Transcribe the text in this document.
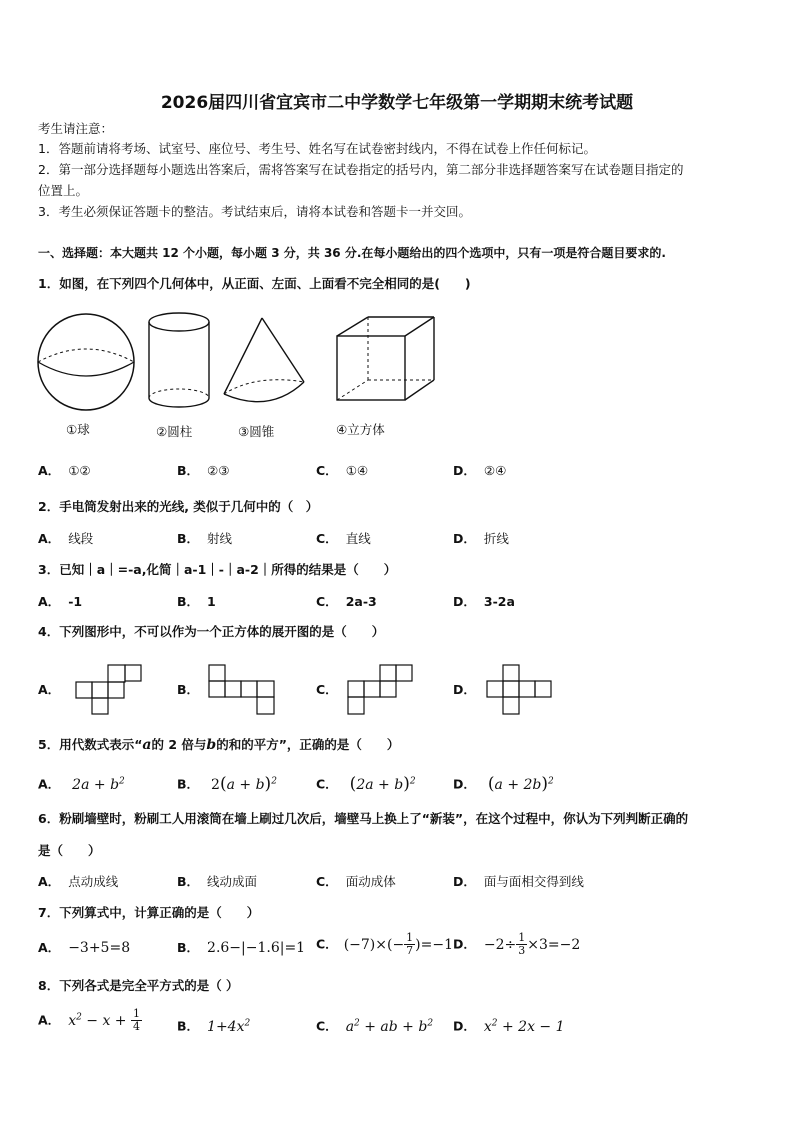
2026届四川省宜宾市二中学数学七年级第一学期期末统考试题
考生请注意：
1．答题前请将考场、试室号、座位号、考生号、姓名写在试卷密封线内，不得在试卷上作任何标记。
2．第一部分选择题每小题选出答案后，需将答案写在试卷指定的括号内，第二部分非选择题答案写在试卷题目指定的
位置上。
3．考生必须保证答题卡的整洁。考试结束后，请将本试卷和答题卡一并交回。
一、选择题：本大题共 12 个小题，每小题 3 分，共 36 分.在每小题给出的四个选项中，只有一项是符合题目要求的.
1．如图，在下列四个几何体中，从正面、左面、上面看不完全相同的是(　　)
①球	②圆柱	③圆锥	④立方体
A． ①②	B． ②③	C． ①④	D． ②④
2．手电筒发射出来的光线, 类似于几何中的（　）
A． 线段	B． 射线	C． 直线	D． 折线
3．已知｜a｜=-a,化简｜a-1｜-｜a-2｜所得的结果是（　　）
A． -1	B． 1	C． 2a-3	D． 3-2a
4．下列图形中，不可以作为一个正方体的展开图的是（　　）
A．	B．	C．	D．
5．用代数式表示“a的 2 倍与b的和的平方”，正确的是（　　）
A． $2a + b^2$	B． $2(a + b)^2$	C． $(2a + b)^2$	D． $(a + 2b)^2$
6．粉刷墙壁时，粉刷工人用滚筒在墙上刷过几次后，墙壁马上换上了“新装”，在这个过程中，你认为下列判断正确的
是（　　）
A． 点动成线	B． 线动成面	C． 面动成体	D． 面与面相交得到线
7．下列算式中，计算正确的是（　　）
A． −3+5=8	B． 2.6−|−1.6|=1 C． $(-7)\times(- \frac{1}{7} )=-1$ D． $-2\div \frac{1}{3} \times 3=-2$
8．下列各式是完全平方式的是（ ）
A． $x^2 - x + \frac{1}{4}$	B． $1+4x^2$	C． $a^2$ + ab + $b^2$ D． $x^2 + 2x - 1$
